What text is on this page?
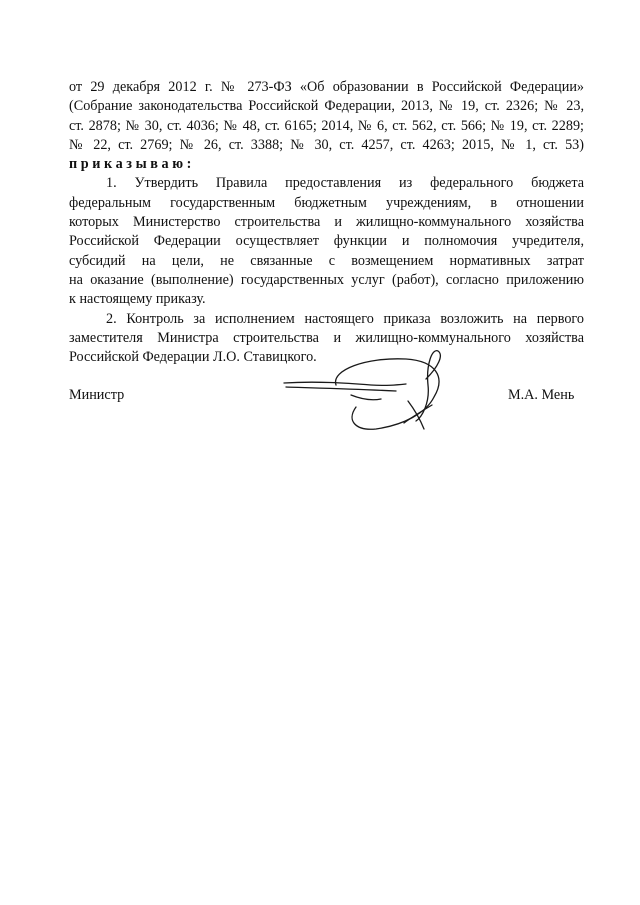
от 29 декабря 2012 г. № 273-ФЗ «Об образовании в Российской Федерации»
(Собрание законодательства Российской Федерации, 2013, № 19, ст. 2326; № 23,
ст. 2878; № 30, ст. 4036; № 48, ст. 6165; 2014, № 6, ст. 562, ст. 566; № 19, ст. 2289;
№ 22, ст. 2769; № 26, ст. 3388; № 30, ст. 4257, ст. 4263; 2015, № 1, ст. 53)
приказываю:
1. Утвердить Правила предоставления из федерального бюджета
федеральным государственным бюджетным учреждениям, в отношении
которых Министерство строительства и жилищно-коммунального хозяйства
Российской Федерации осуществляет функции и полномочия учредителя,
субсидий на цели, не связанные с возмещением нормативных затрат
на оказание (выполнение) государственных услуг (работ), согласно приложению
к настоящему приказу.
2. Контроль за исполнением настоящего приказа возложить на первого
заместителя Министра строительства и жилищно-коммунального хозяйства
Российской Федерации Л.О. Ставицкого.
Министр	М.А. Мень
